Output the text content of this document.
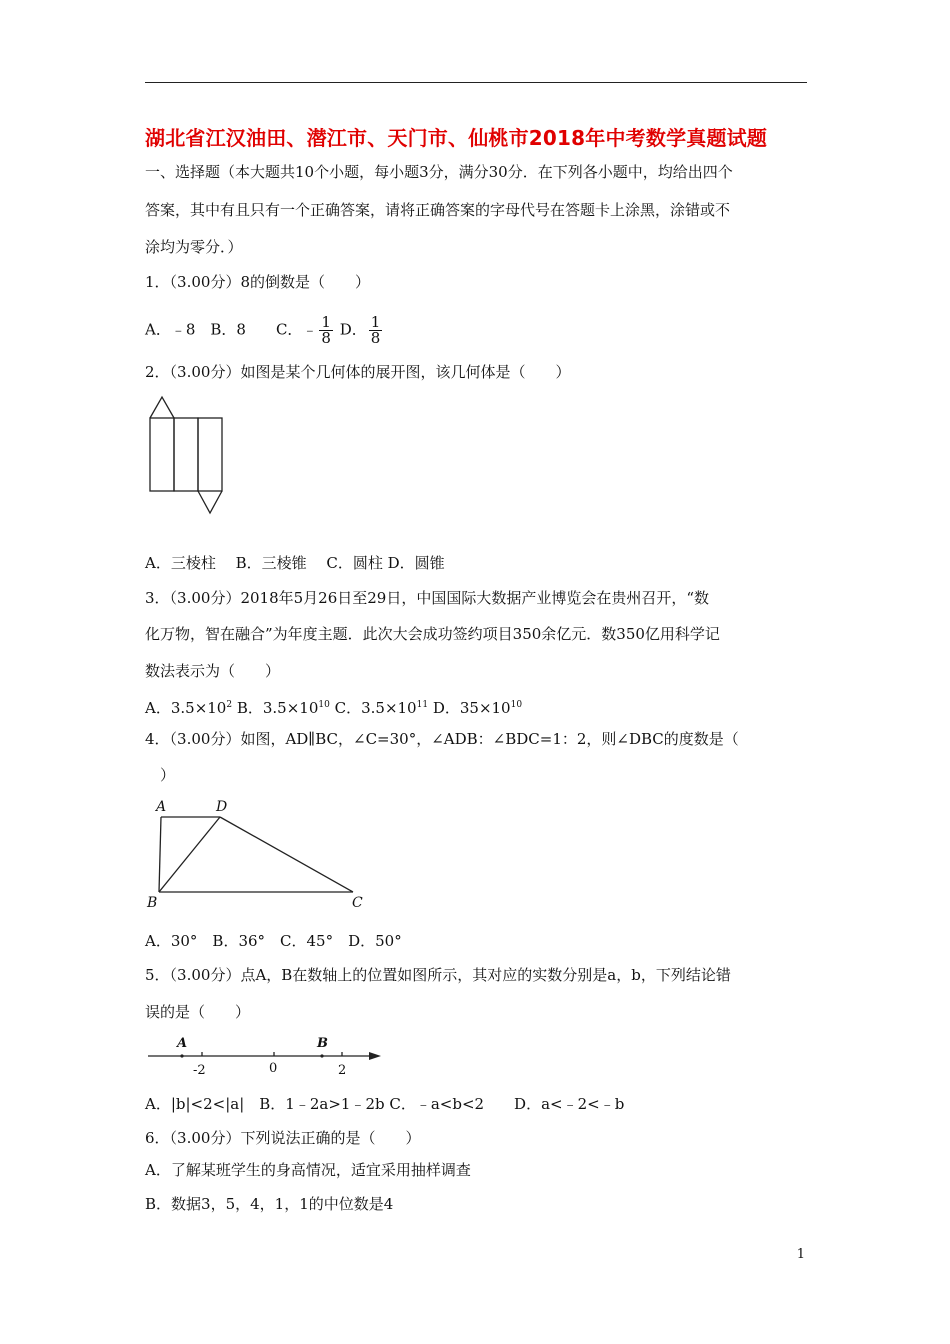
湖北省江汉油田、潜江市、天门市、仙桃市2018年中考数学真题试题
一、选择题（本大题共10个小题，每小题3分，满分30分．在下列各小题中，均给出四个
答案，其中有且只有一个正确答案，请将正确答案的字母代号在答题卡上涂黑，涂错或不
涂均为零分．）
1．（3.00分）8的倒数是（　　）
A．﹣8　B．8　　C．﹣ $\frac{1}{8}$ D． $\frac{1}{8}$
2．（3.00分）如图是某个几何体的展开图，该几何体是（　　）
A．三棱柱　 B．三棱锥　 C．圆柱 D．圆锥
3．（3.00分）2018年5月26日至29日，中国国际大数据产业博览会在贵州召开，“数
化万物，智在融合”为年度主题．此次大会成功签约项目350余亿元．数350亿用科学记
数法表示为（　　）
A．$3.5\times 10^2$ B．$3.5\times 10^{10}$ C．$3.5\times 10^{11}$ D．$35\times 10^{10}$
4．（3.00分）如图，AD∥BC，∠C=30°，∠ADB：∠BDC=1：2，则∠DBC的度数是（
　）
A	D
B	C
A．30°　B．36°　C．45°　D．50°
5．（3.00分）点A，B在数轴上的位置如图所示，其对应的实数分别是a，b，下列结论错
误的是（　　）
A	B
-2	0	2
A．|b|<2<|a|　B．1﹣2a>1﹣2b C．﹣a<b<2　　D．a<﹣2<﹣b
6．（3.00分）下列说法正确的是（　　）
A．了解某班学生的身高情况，适宜采用抽样调查
B．数据3，5，4，1，1的中位数是4
1
